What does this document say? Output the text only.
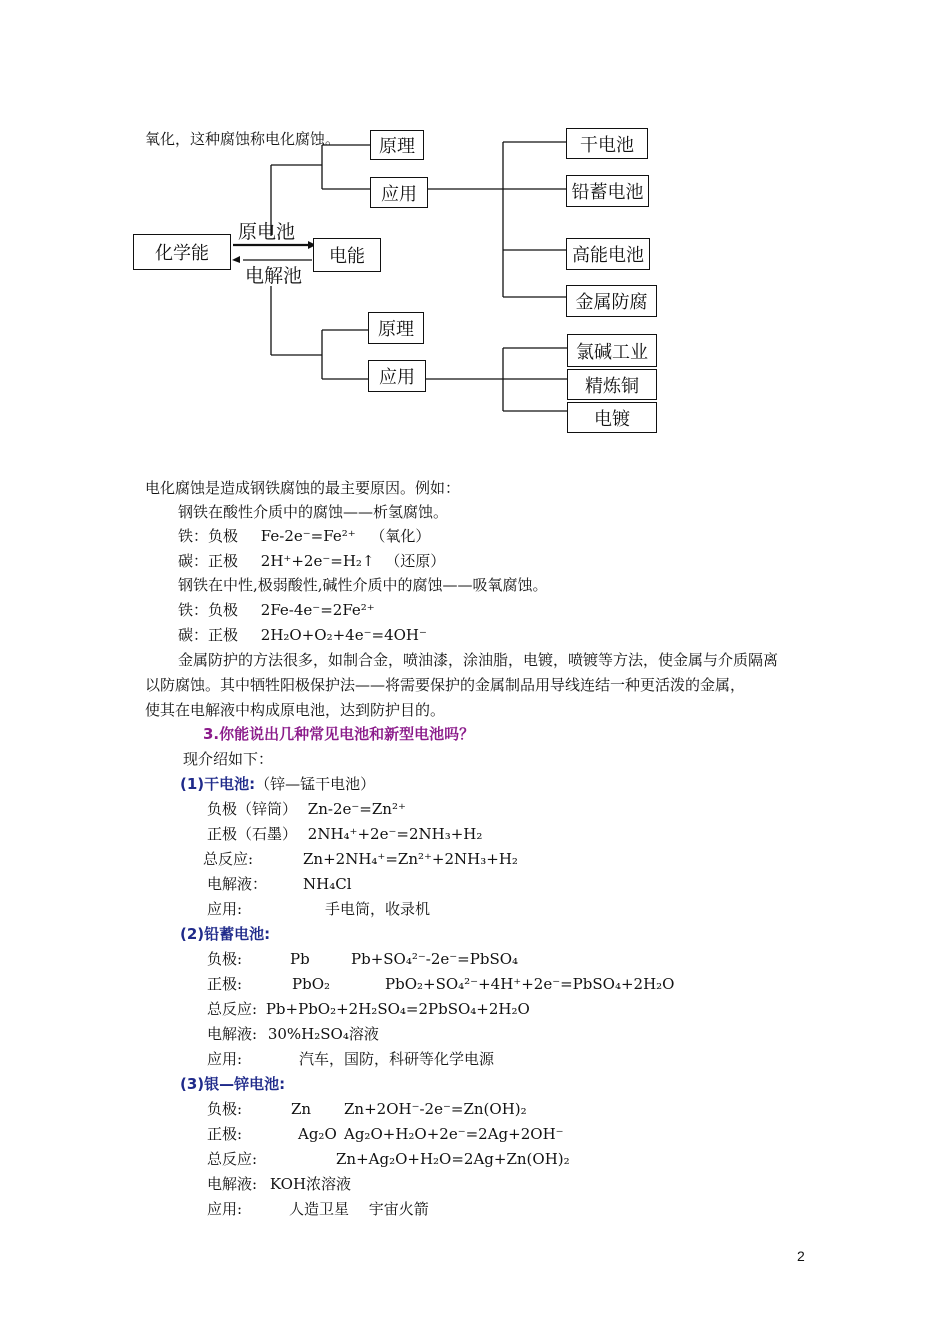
化学能	电能
原电池
电解池
原理
应用
干电池
铅蓄电池
高能电池
金属防腐
原理
应用
氯碱工业
精炼铜
电镀
氧化，这种腐蚀称电化腐蚀。
电化腐蚀是造成钢铁腐蚀的最主要原因。例如：
钢铁在酸性介质中的腐蚀——析氢腐蚀。
铁：负极 Fe-2e⁻=Fe²⁺ （氧化）
碳：正极 2H⁺+2e⁻=H₂↑ （还原）
钢铁在中性,极弱酸性,碱性介质中的腐蚀——吸氧腐蚀。
铁：负极 2Fe-4e⁻=2Fe²⁺
碳：正极 2H₂O+O₂+4e⁻=4OH⁻
金属防护的方法很多，如制合金，喷油漆，涂油脂，电镀，喷镀等方法，使金属与介质隔离
以防腐蚀。其中牺牲阳极保护法——将需要保护的金属制品用导线连结一种更活泼的金属，
使其在电解液中构成原电池，达到防护目的。
3.你能说出几种常见电池和新型电池吗？
现介绍如下：
(1)干电池:（锌—锰干电池）
负极（锌筒） Zn-2e⁻=Zn²⁺
正极（石墨） 2NH₄⁺+2e⁻=2NH₃+H₂
总反应:	Zn+2NH₄⁺=Zn²⁺+2NH₃+H₂
电解液： NH₄Cl
应用:	手电筒，收录机
(2)铅蓄电池:
负极:	Pb	Pb+SO₄²⁻-2e⁻=PbSO₄
正极:	PbO₂	PbO₂+SO₄²⁻+4H⁺+2e⁻=PbSO₄+2H₂O
总反应: Pb+PbO₂+2H₂SO₄=2PbSO₄+2H₂O
电解液: 30%H₂SO₄溶液
应用:	汽车，国防，科研等化学电源
(3)银—锌电池:
负极:	Zn Zn+2OH⁻-2e⁻=Zn(OH)₂
正极:	Ag₂O Ag₂O+H₂O+2e⁻=2Ag+2OH⁻
总反应:	Zn+Ag₂O+H₂O=2Ag+Zn(OH)₂
电解液: KOH浓溶液
应用:	人造卫星　 宇宙火箭
2
